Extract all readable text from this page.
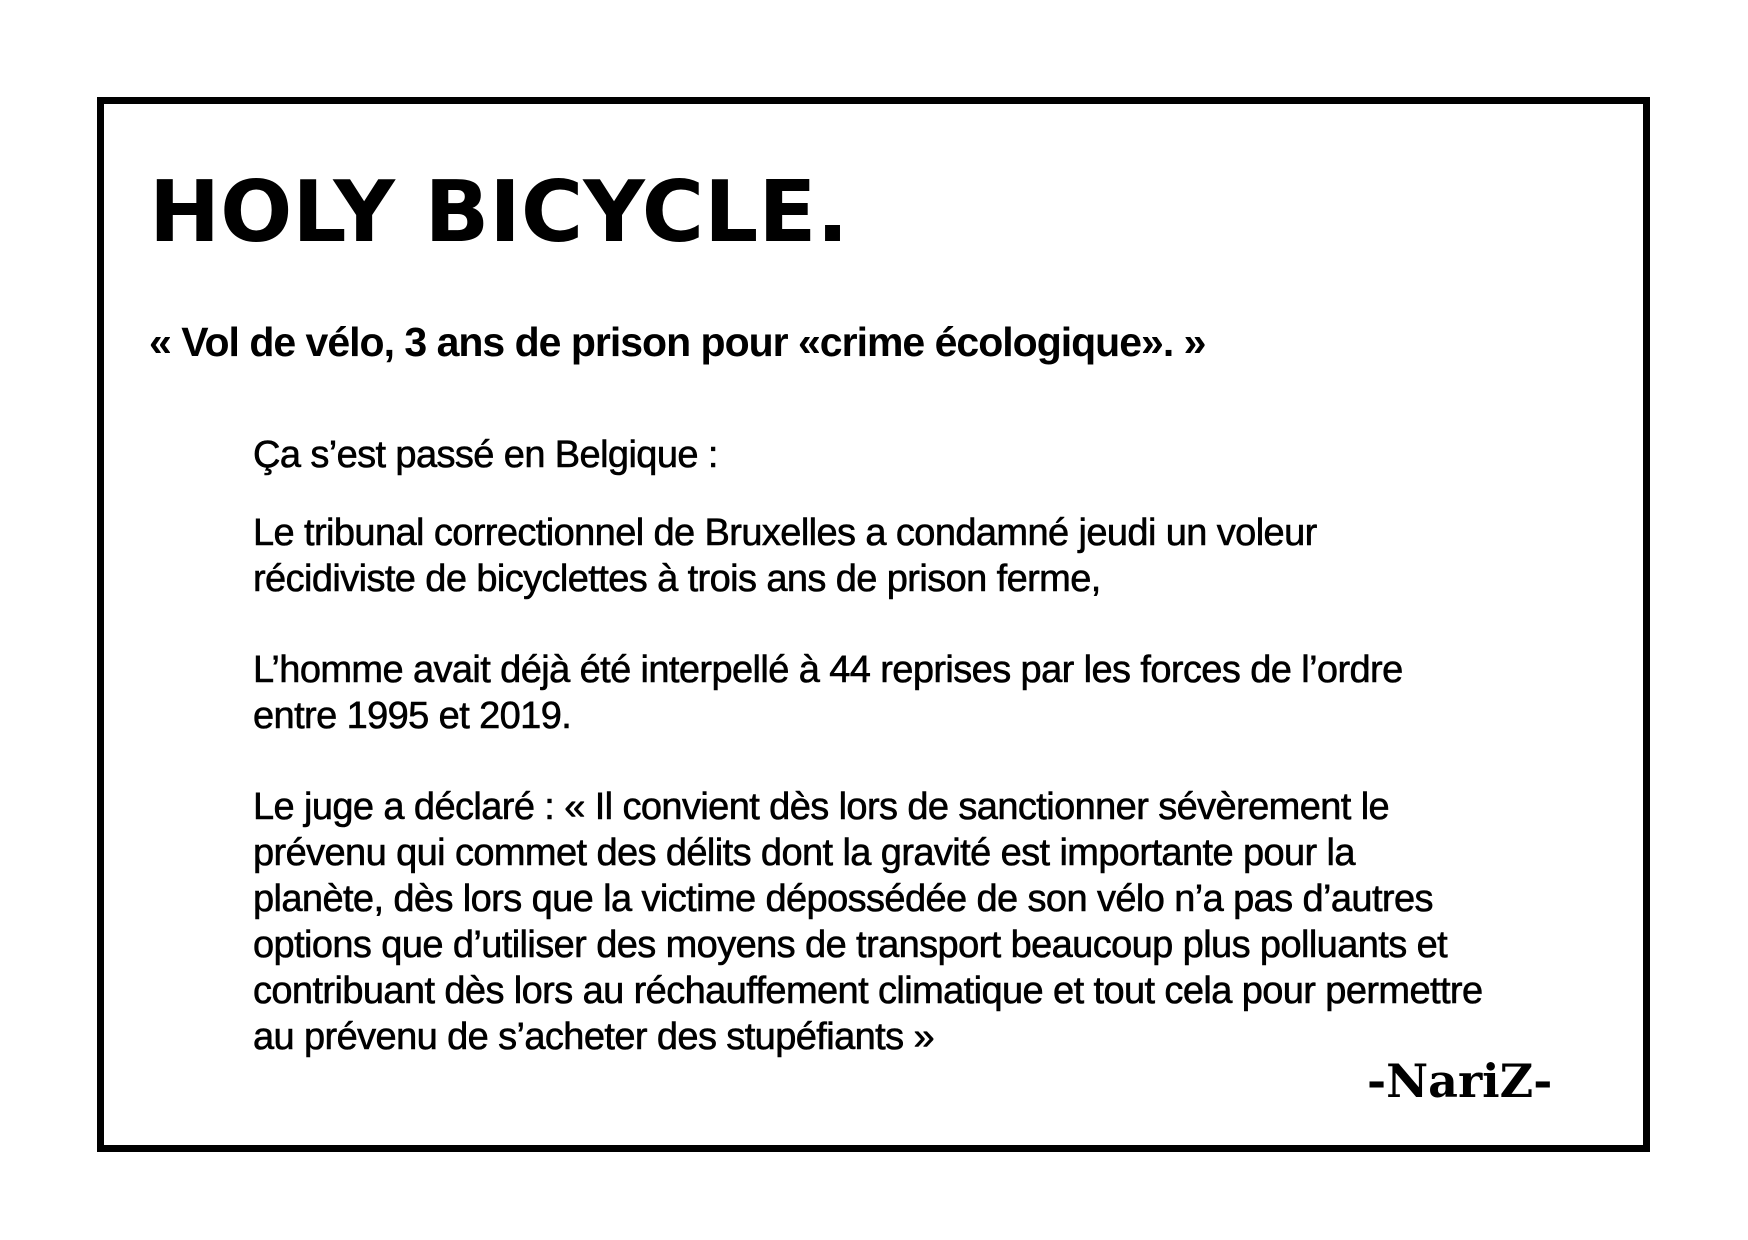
HOLY BICYCLE.
« Vol de vélo, 3 ans de prison pour «crime écologique». »

Ça s’est passé en Belgique :

Le tribunal correctionnel de Bruxelles a condamné jeudi un voleur récidiviste de bicyclettes à trois ans de prison ferme,

L’homme avait déjà été interpellé à 44 reprises par les forces de l’ordre entre 1995 et 2019.

Le juge a déclaré : « Il convient dès lors de sanctionner sévèrement le prévenu qui commet des délits dont la gravité est importante pour la planète, dès lors que la victime dépossédée de son vélo n’a pas d’autres options que d’utiliser des moyens de transport beaucoup plus polluants et contribuant dès lors au réchauffement climatique et tout cela pour permettre au prévenu de s’acheter des stupéfiants »

-NariZ-
